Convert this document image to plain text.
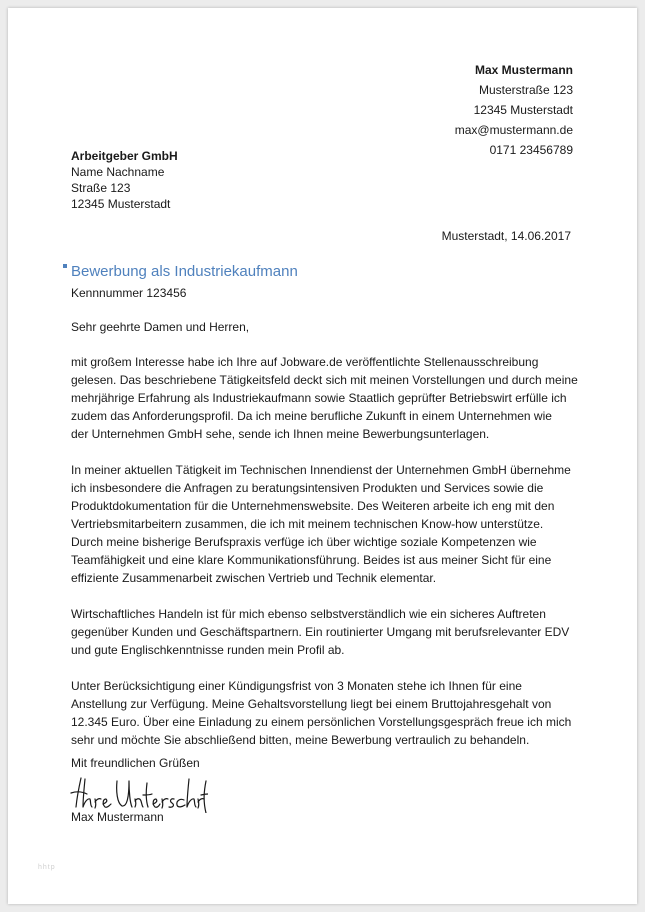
Max Mustermann
Musterstraße 123
12345 Musterstadt
max@mustermann.de
0171 23456789
Arbeitgeber GmbH
Name Nachname
Straße 123
12345 Musterstadt
Musterstadt, 14.06.2017
Bewerbung als Industriekaufmann
Kennnummer 123456

Sehr geehrte Damen und Herren,

mit großem Interesse habe ich Ihre auf Jobware.de veröffentlichte Stellenausschreibung
gelesen. Das beschriebene Tätigkeitsfeld deckt sich mit meinen Vorstellungen und durch meine
mehrjährige Erfahrung als Industriekaufmann sowie Staatlich geprüfter Betriebswirt erfülle ich
zudem das Anforderungsprofil. Da ich meine berufliche Zukunft in einem Unternehmen wie
der Unternehmen GmbH sehe, sende ich Ihnen meine Bewerbungsunterlagen.

In meiner aktuellen Tätigkeit im Technischen Innendienst der Unternehmen GmbH übernehme
ich insbesondere die Anfragen zu beratungsintensiven Produkten und Services sowie die
Produktdokumentation für die Unternehmenswebsite. Des Weiteren arbeite ich eng mit den
Vertriebsmitarbeitern zusammen, die ich mit meinem technischen Know-how unterstütze.
Durch meine bisherige Berufspraxis verfüge ich über wichtige soziale Kompetenzen wie
Teamfähigkeit und eine klare Kommunikationsführung. Beides ist aus meiner Sicht für eine
effiziente Zusammenarbeit zwischen Vertrieb und Technik elementar.

Wirtschaftliches Handeln ist für mich ebenso selbstverständlich wie ein sicheres Auftreten
gegenüber Kunden und Geschäftspartnern. Ein routinierter Umgang mit berufsrelevanter EDV
und gute Englischkenntnisse runden mein Profil ab.

Unter Berücksichtigung einer Kündigungsfrist von 3 Monaten stehe ich Ihnen für eine
Anstellung zur Verfügung. Meine Gehaltsvorstellung liegt bei einem Bruttojahresgehalt von
12.345 Euro. Über eine Einladung zu einem persönlichen Vorstellungsgespräch freue ich mich
sehr und möchte Sie abschließend bitten, meine Bewerbung vertraulich zu behandeln.

Mit freundlichen Grüßen
Max Mustermann
hhtp
